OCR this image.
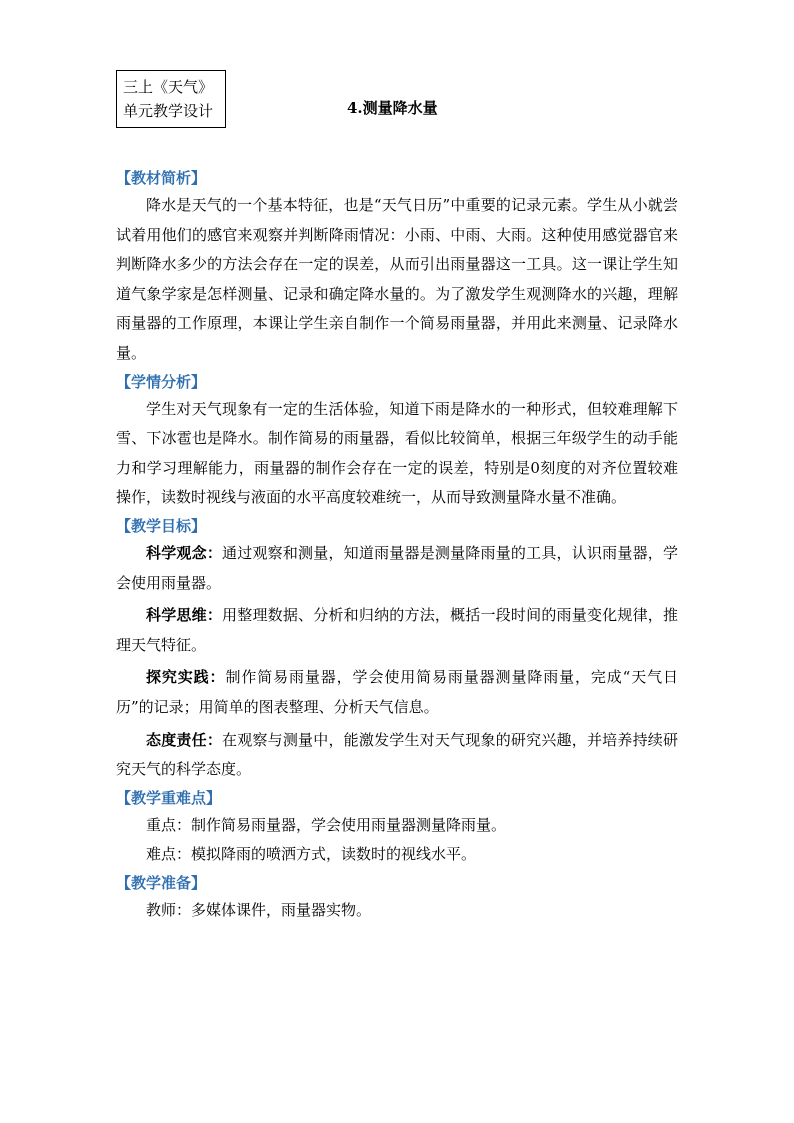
三上《天气》
单元教学设计	4.测量降水量
【教材简析】

降水是天气的一个基本特征，也是“天气日历”中重要的记录元素。学生从小就尝试着用他们的感官来观察并判断降雨情况：小雨、中雨、大雨。这种使用感觉器官来判断降水多少的方法会存在一定的误差，从而引出雨量器这一工具。这一课让学生知道气象学家是怎样测量、记录和确定降水量的。为了激发学生观测降水的兴趣，理解雨量器的工作原理，本课让学生亲自制作一个简易雨量器，并用此来测量、记录降水量。

【学情分析】

学生对天气现象有一定的生活体验，知道下雨是降水的一种形式，但较难理解下雪、下冰雹也是降水。制作简易的雨量器，看似比较简单，根据三年级学生的动手能力和学习理解能力，雨量器的制作会存在一定的误差，特别是0刻度的对齐位置较难操作，读数时视线与液面的水平高度较难统一，从而导致测量降水量不准确。

【教学目标】

科学观念：通过观察和测量，知道雨量器是测量降雨量的工具，认识雨量器，学会使用雨量器。

科学思维：用整理数据、分析和归纳的方法，概括一段时间的雨量变化规律，推理天气特征。

探究实践：制作简易雨量器，学会使用简易雨量器测量降雨量，完成“天气日历”的记录；用简单的图表整理、分析天气信息。

态度责任：在观察与测量中，能激发学生对天气现象的研究兴趣，并培养持续研究天气的科学态度。

【教学重难点】

重点：制作简易雨量器，学会使用雨量器测量降雨量。

难点：模拟降雨的喷洒方式，读数时的视线水平。

【教学准备】

教师：多媒体课件，雨量器实物。
